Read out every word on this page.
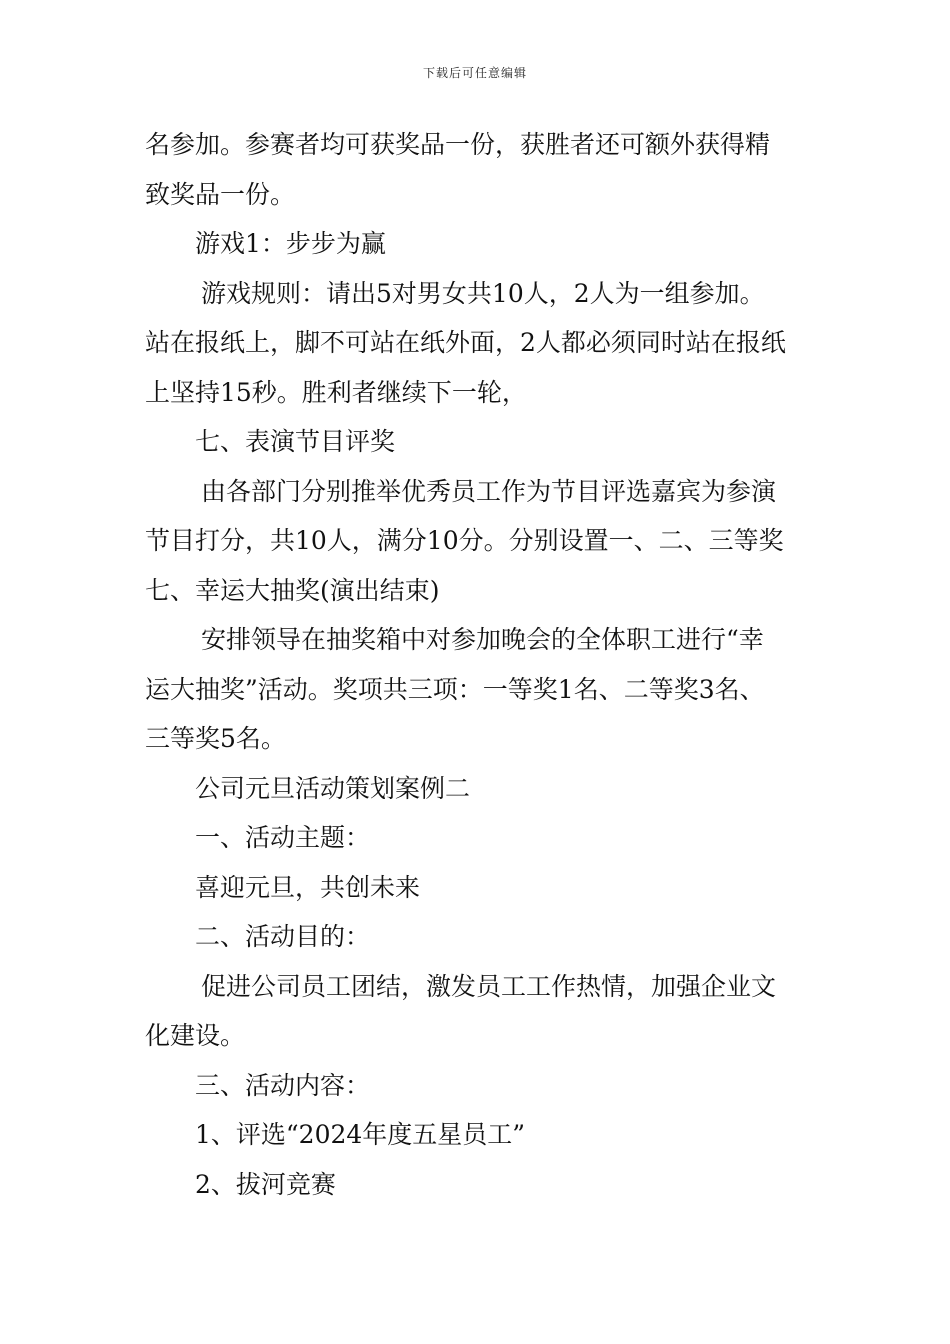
下载后可任意编辑
名参加。参赛者均可获奖品一份，获胜者还可额外获得精
致奖品一份。
游戏1：步步为赢
游戏规则：请出5对男女共10人，2人为一组参加。
站在报纸上，脚不可站在纸外面，2人都必须同时站在报纸
上坚持15秒。胜利者继续下一轮，
七、表演节目评奖
由各部门分别推举优秀员工作为节目评选嘉宾为参演
节目打分，共10人，满分10分。分别设置一、二、三等奖
七、幸运大抽奖(演出结束)
安排领导在抽奖箱中对参加晚会的全体职工进行“幸
运大抽奖”活动。奖项共三项：一等奖1名、二等奖3名、
三等奖5名。
公司元旦活动策划案例二
一、活动主题：
喜迎元旦，共创未来
二、活动目的：
促进公司员工团结，激发员工工作热情，加强企业文
化建设。
三、活动内容：
1、评选“2024年度五星员工”
2、拔河竞赛
